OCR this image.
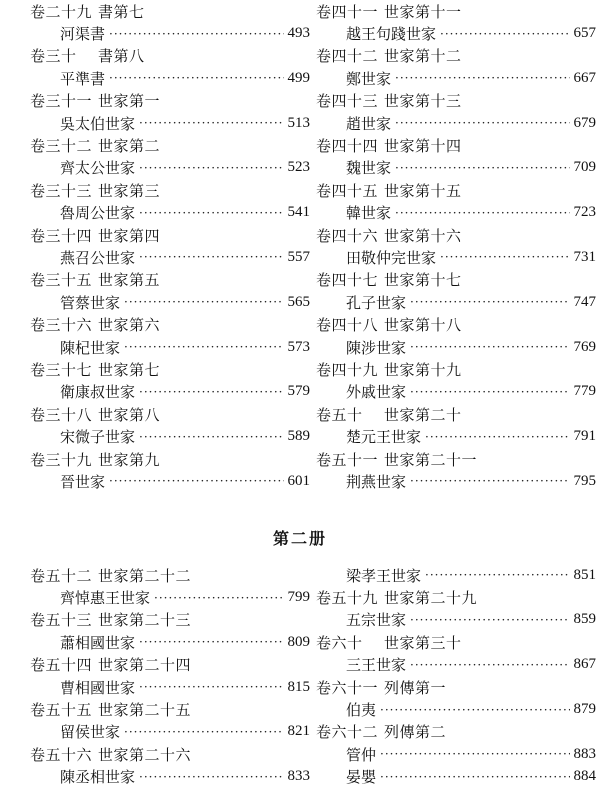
卷二十九 書第七
河渠書 ·····	493
卷三十	書第八
平準書 ·····	499
卷三十一 世家第一
吳太伯世家 ·····	513
卷三十二 世家第二
齊太公世家 ·····	523
卷三十三 世家第三
魯周公世家 ·····	541
卷三十四 世家第四
燕召公世家 ·····	557
卷三十五 世家第五
管蔡世家 ·····	565
卷三十六 世家第六
陳杞世家 ·····	573
卷三十七 世家第七
衛康叔世家 ·····	579
卷三十八 世家第八
宋微子世家 ·····	589
卷三十九 世家第九
晉世家 ·····	601
卷四十一 世家第十一
越王句踐世家 ·····	657
卷四十二 世家第十二
鄭世家 ·····	667
卷四十三 世家第十三
趙世家 ·····	679
卷四十四 世家第十四
魏世家 ·····	709
卷四十五 世家第十五
韓世家 ·····	723
卷四十六 世家第十六
田敬仲完世家 ·····	731
卷四十七 世家第十七
孔子世家 ·····	747
卷四十八 世家第十八
陳涉世家 ·····	769
卷四十九 世家第十九
外戚世家 ·····	779
卷五十	世家第二十
楚元王世家 ·····	791
卷五十一 世家第二十一
荆燕世家 ·····	795
第二册
卷五十二 世家第二十二
齊悼惠王世家 ·····	799
卷五十三 世家第二十三
蕭相國世家 ·····	809
卷五十四 世家第二十四
曹相國世家 ·····	815
卷五十五 世家第二十五
留侯世家 ·····	821
卷五十六 世家第二十六
陳丞相世家 ·····	833
梁孝王世家 ·····	851
卷五十九 世家第二十九
五宗世家 ·····	859
卷六十	世家第三十
三王世家 ·····	867
卷六十一 列傳第一
伯夷 ·····	879
卷六十二 列傳第二
管仲 ·····	883
晏嬰 ·····	884
